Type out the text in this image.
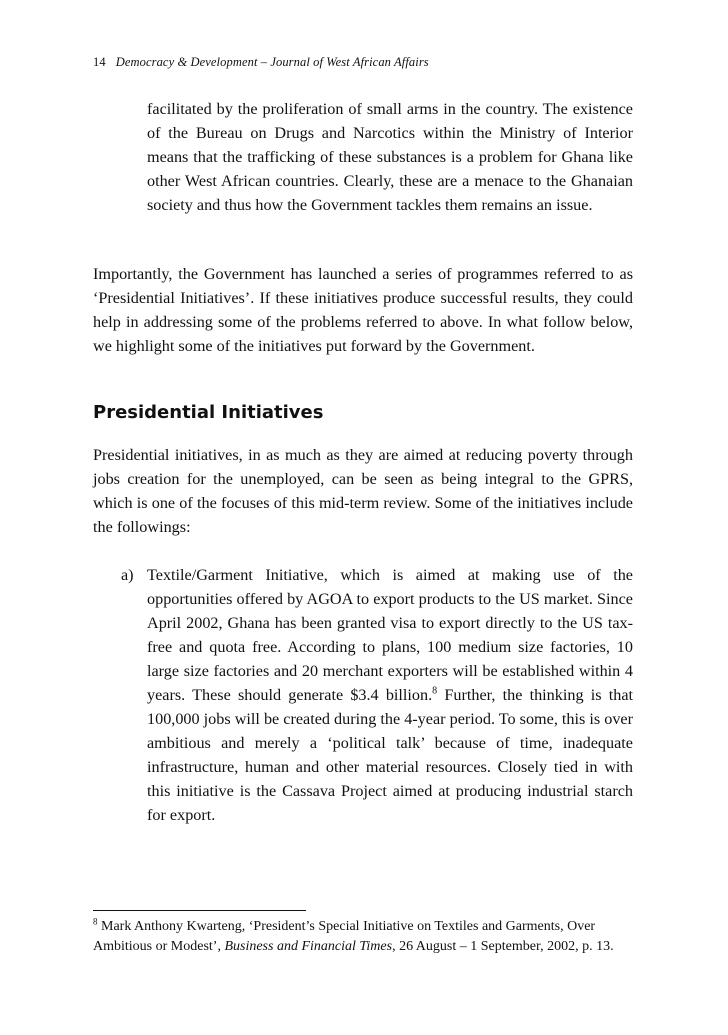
14 Democracy & Development – Journal of West African Affairs

facilitated by the proliferation of small arms in the country. The existence of the Bureau on Drugs and Narcotics within the Ministry of Interior means that the trafficking of these substances is a problem for Ghana like other West African countries. Clearly, these are a menace to the Ghanaian society and thus how the Government tackles them remains an issue.

Importantly, the Government has launched a series of programmes referred to as ‘Presidential Initiatives’. If these initiatives produce successful results, they could help in addressing some of the problems referred to above. In what follow below, we highlight some of the initiatives put forward by the Government.

Presidential Initiatives

Presidential initiatives, in as much as they are aimed at reducing poverty through jobs creation for the unemployed, can be seen as being integral to the GPRS, which is one of the focuses of this mid-term review. Some of the initiatives include the followings:

a) Textile/Garment Initiative, which is aimed at making use of the opportunities offered by AGOA to export products to the US market. Since April 2002, Ghana has been granted visa to export directly to the US tax-free and quota free. According to plans, 100 medium size factories, 10 large size factories and 20 merchant exporters will be established within 4 years. These should generate $3.4 billion.$^8$ Further, the thinking is that 100,000 jobs will be created during the 4-year period. To some, this is over ambitious and merely a ‘political talk’ because of time, inadequate infrastructure, human and other material resources. Closely tied in with this initiative is the Cassava Project aimed at producing industrial starch for export.

$^8$ Mark Anthony Kwarteng, ‘President’s Special Initiative on Textiles and Garments, Over Ambitious or Modest’, Business and Financial Times, 26 August – 1 September, 2002, p. 13.
